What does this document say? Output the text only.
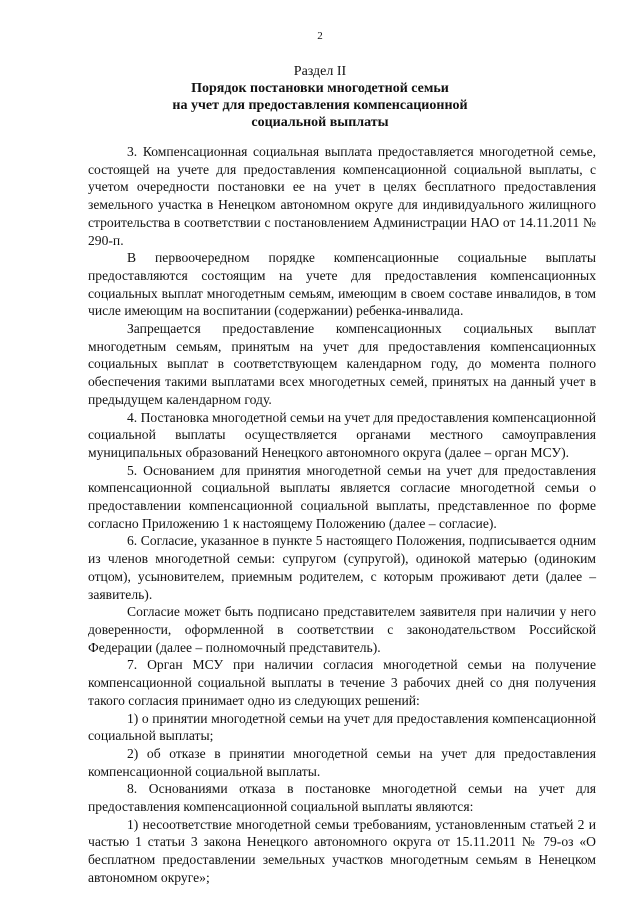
2
Раздел II
Порядок постановки многодетной семьи
на учет для предоставления компенсационной
социальной выплаты

3. Компенсационная социальная выплата предоставляется многодетной семье, состоящей на учете для предоставления компенсационной социальной выплаты, с учетом очередности постановки ее на учет в целях бесплатного предоставления земельного участка в Ненецком автономном округе для индивидуального жилищного строительства в соответствии с постановлением Администрации НАО от 14.11.2011 № 290-п.

В первоочередном порядке компенсационные социальные выплаты предоставляются состоящим на учете для предоставления компенсационных социальных выплат многодетным семьям, имеющим в своем составе инвалидов, в том числе имеющим на воспитании (содержании) ребенка-инвалида.

Запрещается предоставление компенсационных социальных выплат многодетным семьям, принятым на учет для предоставления компенсационных социальных выплат в соответствующем календарном году, до момента полного обеспечения такими выплатами всех многодетных семей, принятых на данный учет в предыдущем календарном году.

4. Постановка многодетной семьи на учет для предоставления компенсационной социальной выплаты осуществляется органами местного самоуправления муниципальных образований Ненецкого автономного округа (далее – орган МСУ).

5. Основанием для принятия многодетной семьи на учет для предоставления компенсационной социальной выплаты является согласие многодетной семьи о предоставлении компенсационной социальной выплаты, представленное по форме согласно Приложению 1 к настоящему Положению (далее – согласие).

6. Согласие, указанное в пункте 5 настоящего Положения, подписывается одним из членов многодетной семьи: супругом (супругой), одинокой матерью (одиноким отцом), усыновителем, приемным родителем, с которым проживают дети (далее – заявитель).

Согласие может быть подписано представителем заявителя при наличии у него доверенности, оформленной в соответствии с законодательством Российской Федерации (далее – полномочный представитель).

7. Орган МСУ при наличии согласия многодетной семьи на получение компенсационной социальной выплаты в течение 3 рабочих дней со дня получения такого согласия принимает одно из следующих решений:

1) о принятии многодетной семьи на учет для предоставления компенсационной социальной выплаты;

2) об отказе в принятии многодетной семьи на учет для предоставления компенсационной социальной выплаты.

8. Основаниями отказа в постановке многодетной семьи на учет для предоставления компенсационной социальной выплаты являются:

1) несоответствие многодетной семьи требованиям, установленным статьей 2 и частью 1 статьи 3 закона Ненецкого автономного округа от 15.11.2011 № 79-оз «О бесплатном предоставлении земельных участков многодетным семьям в Ненецком автономном округе»;
